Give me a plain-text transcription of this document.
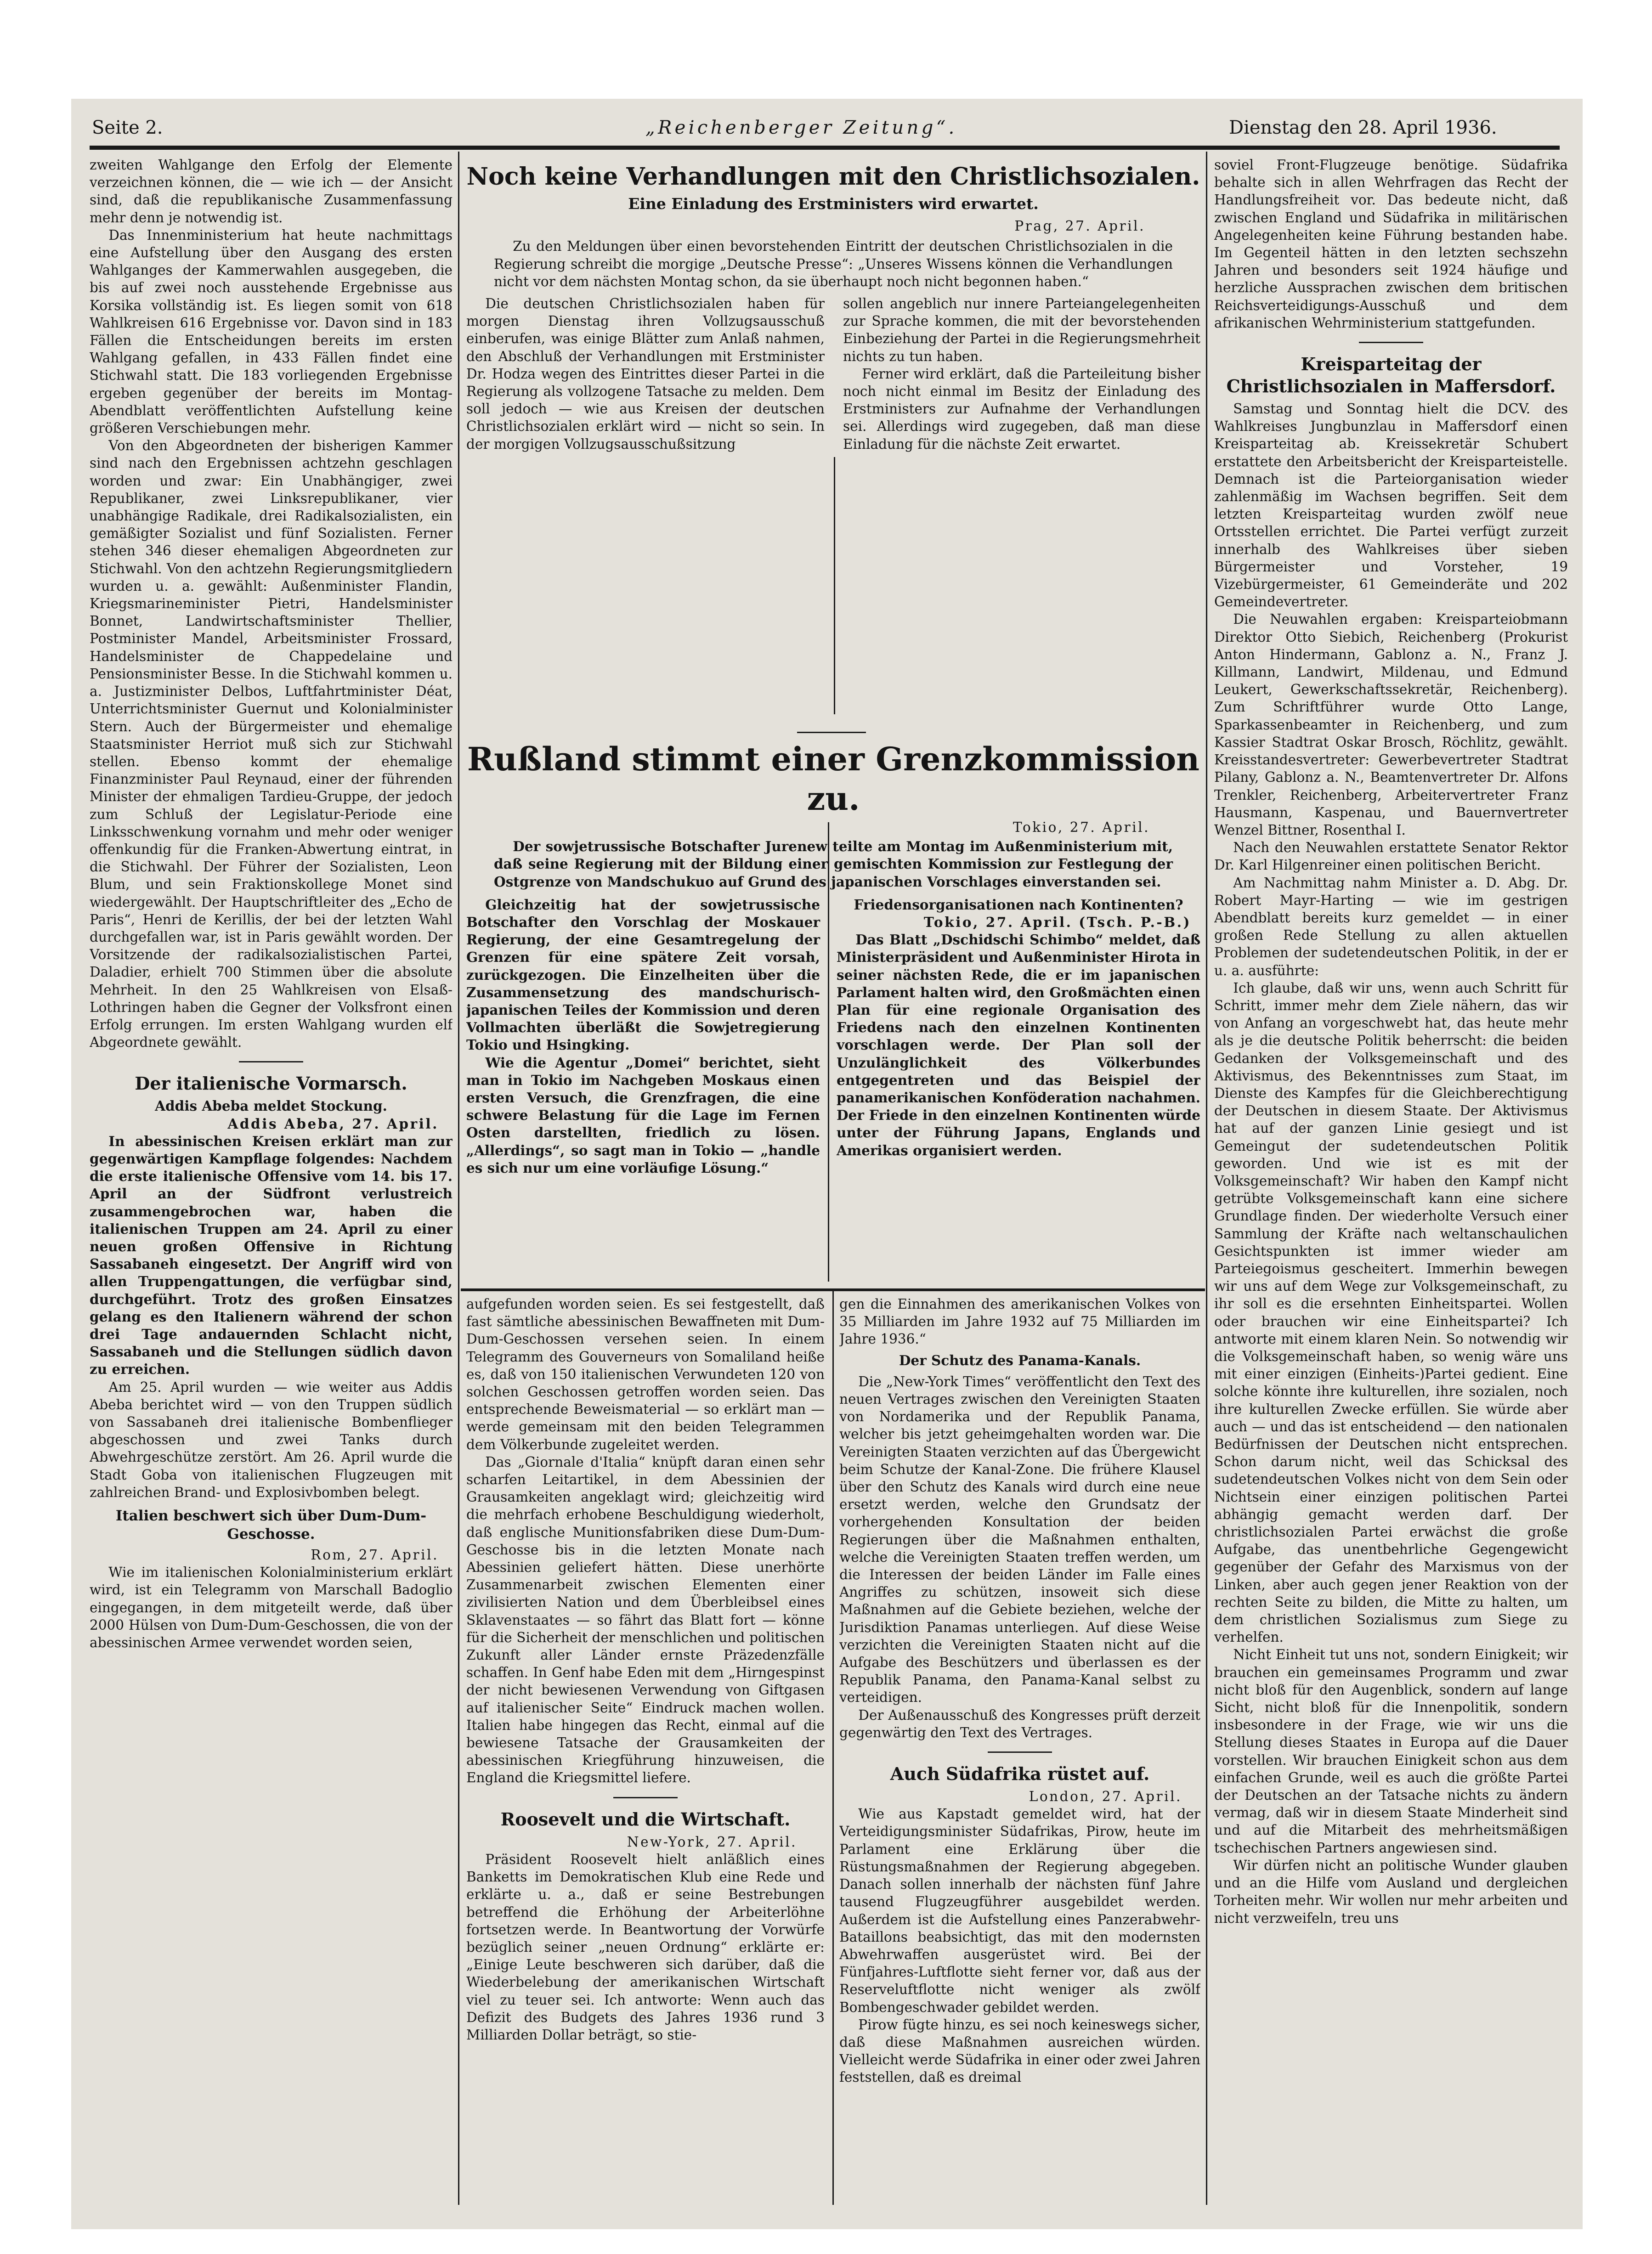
Seite 2.	„Reichenberger Zeitung“.	Dienstag den 28. April 1936.

zweiten Wahlgange den Erfolg der Elemente verzeichnen können, die — wie ich — der Ansicht sind, daß die republikanische Zusammenfassung mehr denn je notwendig ist.

Das Innenministerium hat heute nachmittags eine Aufstellung über den Ausgang des ersten Wahlganges der Kammerwahlen ausgegeben, die bis auf zwei noch ausstehende Ergebnisse aus Korsika vollständig ist. Es liegen somit von 618 Wahlkreisen 616 Ergebnisse vor. Davon sind in 183 Fällen die Entscheidungen bereits im ersten Wahlgang gefallen, in 433 Fällen findet eine Stichwahl statt. Die 183 vorliegenden Ergebnisse ergeben gegenüber der bereits im Montag-Abendblatt veröffentlichten Aufstellung keine größeren Verschiebungen mehr.

Von den Abgeordneten der bisherigen Kammer sind nach den Ergebnissen achtzehn geschlagen worden und zwar: Ein Unabhängiger, zwei Republikaner, zwei Linksrepublikaner, vier unabhängige Radikale, drei Radikalsozialisten, ein gemäßigter Sozialist und fünf Sozialisten. Ferner stehen 346 dieser ehemaligen Abgeordneten zur Stichwahl. Von den achtzehn Regierungsmitgliedern wurden u. a. gewählt: Außenminister Flandin, Kriegsmarineminister Pietri, Handelsminister Bonnet, Landwirtschaftsminister Thellier, Postminister Mandel, Arbeitsminister Frossard, Handelsminister de Chappedelaine und Pensionsminister Besse. In die Stichwahl kommen u. a. Justizminister Delbos, Luftfahrtminister Déat, Unterrichtsminister Guernut und Kolonialminister Stern. Auch der Bürgermeister und ehemalige Staatsminister Herriot muß sich zur Stichwahl stellen. Ebenso kommt der ehemalige Finanzminister Paul Reynaud, einer der führenden Minister der ehmaligen Tardieu-Gruppe, der jedoch zum Schluß der Legislatur-Periode eine Linksschwenkung vornahm und mehr oder weniger offenkundig für die Franken-Abwertung eintrat, in die Stichwahl. Der Führer der Sozialisten, Leon Blum, und sein Fraktionskollege Monet sind wiedergewählt. Der Hauptschriftleiter des „Echo de Paris“, Henri de Kerillis, der bei der letzten Wahl durchgefallen war, ist in Paris gewählt worden. Der Vorsitzende der radikalsozialistischen Partei, Daladier, erhielt 700 Stimmen über die absolute Mehrheit. In den 25 Wahlkreisen von Elsaß-Lothringen haben die Gegner der Volksfront einen Erfolg errungen. Im ersten Wahlgang wurden elf Abgeordnete gewählt.

Der italienische Vormarsch.
Addis Abeba meldet Stockung.
Addis Abeba, 27. April.

In abessinischen Kreisen erklärt man zur gegenwärtigen Kampflage folgendes: Nachdem die erste italienische Offensive vom 14. bis 17. April an der Südfront verlustreich zusammengebrochen war, haben die italienischen Truppen am 24. April zu einer neuen großen Offensive in Richtung Sassabaneh eingesetzt. Der Angriff wird von allen Truppengattungen, die verfügbar sind, durchgeführt. Trotz des großen Einsatzes gelang es den Italienern während der schon drei Tage andauernden Schlacht nicht, Sassabaneh und die Stellungen südlich davon zu erreichen.

Am 25. April wurden — wie weiter aus Addis Abeba berichtet wird — von den Truppen südlich von Sassabaneh drei italienische Bombenflieger abgeschossen und zwei Tanks durch Abwehrgeschütze zerstört. Am 26. April wurde die Stadt Goba von italienischen Flugzeugen mit zahlreichen Brand- und Explosivbomben belegt.

Italien beschwert sich über Dum-Dum-Geschosse.
Rom, 27. April.

Wie im italienischen Kolonialministerium erklärt wird, ist ein Telegramm von Marschall Badoglio eingegangen, in dem mitgeteilt werde, daß über 2000 Hülsen von Dum-Dum-Geschossen, die von der abessinischen Armee verwendet worden seien,

Noch keine Verhandlungen mit den Christlichsozialen.
Eine Einladung des Erstministers wird erwartet.
Prag, 27. April.

Zu den Meldungen über einen bevorstehenden Eintritt der deutschen Christlichsozialen in die Regierung schreibt die morgige „Deutsche Presse“: „Unseres Wissens können die Verhandlungen nicht vor dem nächsten Montag schon, da sie überhaupt noch nicht begonnen haben.“

Die deutschen Christlichsozialen haben für morgen Dienstag ihren Vollzugsausschuß einberufen, was einige Blätter zum Anlaß nahmen, den Abschluß der Verhandlungen mit Erstminister Dr. Hodza wegen des Eintrittes dieser Partei in die Regierung als vollzogene Tatsache zu melden. Dem soll jedoch — wie aus Kreisen der deutschen Christlichsozialen erklärt wird — nicht so sein. In der morgigen Vollzugsausschußsitzung

sollen angeblich nur innere Parteiangelegenheiten zur Sprache kommen, die mit der bevorstehenden Einbeziehung der Partei in die Regierungsmehrheit nichts zu tun haben.

Ferner wird erklärt, daß die Parteileitung bisher noch nicht einmal im Besitz der Einladung des Erstministers zur Aufnahme der Verhandlungen sei. Allerdings wird zugegeben, daß man diese Einladung für die nächste Zeit erwartet.

Rußland stimmt einer Grenzkommission zu.
Tokio, 27. April.

Der sowjetrussische Botschafter Jurenew teilte am Montag im Außenministerium mit, daß seine Regierung mit der Bildung einer gemischten Kommission zur Festlegung der Ostgrenze von Mandschukuo auf Grund des japanischen Vorschlages einverstanden sei.

Gleichzeitig hat der sowjetrussische Botschafter den Vorschlag der Moskauer Regierung, der eine Gesamtregelung der Grenzen für eine spätere Zeit vorsah, zurückgezogen. Die Einzelheiten über die Zusammensetzung des mandschurisch-japanischen Teiles der Kommission und deren Vollmachten überläßt die Sowjetregierung Tokio und Hsingking.

Wie die Agentur „Domei“ berichtet, sieht man in Tokio im Nachgeben Moskaus einen ersten Versuch, die Grenzfragen, die eine schwere Belastung für die Lage im Fernen Osten darstellten, friedlich zu lösen. „Allerdings“, so sagt man in Tokio — „handle es sich nur um eine vorläufige Lösung.“

Friedensorganisationen nach Kontinenten?
Tokio, 27. April. (Tsch. P.-B.)

Das Blatt „Dschidschi Schimbo“ meldet, daß Ministerpräsident und Außenminister Hirota in seiner nächsten Rede, die er im japanischen Parlament halten wird, den Großmächten einen Plan für eine regionale Organisation des Friedens nach den einzelnen Kontinenten vorschlagen werde. Der Plan soll der Unzulänglichkeit des Völkerbundes entgegentreten und das Beispiel der panamerikanischen Konföderation nachahmen. Der Friede in den einzelnen Kontinenten würde unter der Führung Japans, Englands und Amerikas organisiert werden.

aufgefunden worden seien. Es sei festgestellt, daß fast sämtliche abessinischen Bewaffneten mit Dum-Dum-Geschossen versehen seien. In einem Telegramm des Gouverneurs von Somaliland heiße es, daß von 150 italienischen Verwundeten 120 von solchen Geschossen getroffen worden seien. Das entsprechende Beweismaterial — so erklärt man — werde gemeinsam mit den beiden Telegrammen dem Völkerbunde zugeleitet werden.

Das „Giornale d'Italia“ knüpft daran einen sehr scharfen Leitartikel, in dem Abessinien der Grausamkeiten angeklagt wird; gleichzeitig wird die mehrfach erhobene Beschuldigung wiederholt, daß englische Munitionsfabriken diese Dum-Dum-Geschosse bis in die letzten Monate nach Abessinien geliefert hätten. Diese unerhörte Zusammenarbeit zwischen Elementen einer zivilisierten Nation und dem Überbleibsel eines Sklavenstaates — so fährt das Blatt fort — könne für die Sicherheit der menschlichen und politischen Zukunft aller Länder ernste Präzedenzfälle schaffen. In Genf habe Eden mit dem „Hirngespinst der nicht bewiesenen Verwendung von Giftgasen auf italienischer Seite“ Eindruck machen wollen. Italien habe hingegen das Recht, einmal auf die bewiesene Tatsache der Grausamkeiten der abessinischen Kriegführung hinzuweisen, die England die Kriegsmittel liefere.

Roosevelt und die Wirtschaft.
New-York, 27. April.

Präsident Roosevelt hielt anläßlich eines Banketts im Demokratischen Klub eine Rede und erklärte u. a., daß er seine Bestrebungen betreffend die Erhöhung der Arbeiterlöhne fortsetzen werde. In Beantwortung der Vorwürfe bezüglich seiner „neuen Ordnung“ erklärte er: „Einige Leute beschweren sich darüber, daß die Wiederbelebung der amerikanischen Wirtschaft viel zu teuer sei. Ich antworte: Wenn auch das Defizit des Budgets des Jahres 1936 rund 3 Milliarden Dollar beträgt, so stie-

gen die Einnahmen des amerikanischen Volkes von 35 Milliarden im Jahre 1932 auf 75 Milliarden im Jahre 1936.“

Der Schutz des Panama-Kanals.

Die „New-York Times“ veröffentlicht den Text des neuen Vertrages zwischen den Vereinigten Staaten von Nordamerika und der Republik Panama, welcher bis jetzt geheimgehalten worden war. Die Vereinigten Staaten verzichten auf das Übergewicht beim Schutze der Kanal-Zone. Die frühere Klausel über den Schutz des Kanals wird durch eine neue ersetzt werden, welche den Grundsatz der vorhergehenden Konsultation der beiden Regierungen über die Maßnahmen enthalten, welche die Vereinigten Staaten treffen werden, um die Interessen der beiden Länder im Falle eines Angriffes zu schützen, insoweit sich diese Maßnahmen auf die Gebiete beziehen, welche der Jurisdiktion Panamas unterliegen. Auf diese Weise verzichten die Vereinigten Staaten nicht auf die Aufgabe des Beschützers und überlassen es der Republik Panama, den Panama-Kanal selbst zu verteidigen.

Der Außenausschuß des Kongresses prüft derzeit gegenwärtig den Text des Vertrages.

Auch Südafrika rüstet auf.
London, 27. April.

Wie aus Kapstadt gemeldet wird, hat der Verteidigungsminister Südafrikas, Pirow, heute im Parlament eine Erklärung über die Rüstungsmaßnahmen der Regierung abgegeben. Danach sollen innerhalb der nächsten fünf Jahre tausend Flugzeugführer ausgebildet werden. Außerdem ist die Aufstellung eines Panzerabwehr-Bataillons beabsichtigt, das mit den modernsten Abwehrwaffen ausgerüstet wird. Bei der Fünfjahres-Luftflotte sieht ferner vor, daß aus der Reserveluftflotte nicht weniger als zwölf Bombengeschwader gebildet werden.

Pirow fügte hinzu, es sei noch keineswegs sicher, daß diese Maßnahmen ausreichen würden. Vielleicht werde Südafrika in einer oder zwei Jahren feststellen, daß es dreimal

soviel Front-Flugzeuge benötige. Südafrika behalte sich in allen Wehrfragen das Recht der Handlungsfreiheit vor. Das bedeute nicht, daß zwischen England und Südafrika in militärischen Angelegenheiten keine Führung bestanden habe. Im Gegenteil hätten in den letzten sechszehn Jahren und besonders seit 1924 häufige und herzliche Aussprachen zwischen dem britischen Reichsverteidigungs-Ausschuß und dem afrikanischen Wehrministerium stattgefunden.

Kreisparteitag der Christlichsozialen in Maffersdorf.

Samstag und Sonntag hielt die DCV. des Wahlkreises Jungbunzlau in Maffersdorf einen Kreisparteitag ab. Kreissekretär Schubert erstattete den Arbeitsbericht der Kreisparteistelle. Demnach ist die Parteiorganisation wieder zahlenmäßig im Wachsen begriffen. Seit dem letzten Kreisparteitag wurden zwölf neue Ortsstellen errichtet. Die Partei verfügt zurzeit innerhalb des Wahlkreises über sieben Bürgermeister und Vorsteher, 19 Vizebürgermeister, 61 Gemeinderäte und 202 Gemeindevertreter.

Die Neuwahlen ergaben: Kreisparteiobmann Direktor Otto Siebich, Reichenberg (Prokurist Anton Hindermann, Gablonz a. N., Franz J. Killmann, Landwirt, Mildenau, und Edmund Leukert, Gewerkschaftssekretär, Reichenberg). Zum Schriftführer wurde Otto Lange, Sparkassenbeamter in Reichenberg, und zum Kassier Stadtrat Oskar Brosch, Röchlitz, gewählt. Kreisstandesvertreter: Gewerbevertreter Stadtrat Pilany, Gablonz a. N., Beamtenvertreter Dr. Alfons Trenkler, Reichenberg, Arbeitervertreter Franz Hausmann, Kaspenau, und Bauernvertreter Wenzel Bittner, Rosenthal I.

Nach den Neuwahlen erstattete Senator Rektor Dr. Karl Hilgenreiner einen politischen Bericht.

Am Nachmittag nahm Minister a. D. Abg. Dr. Robert Mayr-Harting — wie im gestrigen Abendblatt bereits kurz gemeldet — in einer großen Rede Stellung zu allen aktuellen Problemen der sudetendeutschen Politik, in der er u. a. ausführte:

Ich glaube, daß wir uns, wenn auch Schritt für Schritt, immer mehr dem Ziele nähern, das wir von Anfang an vorgeschwebt hat, das heute mehr als je die deutsche Politik beherrscht: die beiden Gedanken der Volksgemeinschaft und des Aktivismus, des Bekenntnisses zum Staat, im Dienste des Kampfes für die Gleichberechtigung der Deutschen in diesem Staate. Der Aktivismus hat auf der ganzen Linie gesiegt und ist Gemeingut der sudetendeutschen Politik geworden. Und wie ist es mit der Volksgemeinschaft? Wir haben den Kampf nicht getrübte Volksgemeinschaft kann eine sichere Grundlage finden. Der wiederholte Versuch einer Sammlung der Kräfte nach weltanschaulichen Gesichtspunkten ist immer wieder am Parteiegoismus gescheitert. Immerhin bewegen wir uns auf dem Wege zur Volksgemeinschaft, zu ihr soll es die ersehnten Einheitspartei. Wollen oder brauchen wir eine Einheitspartei? Ich antworte mit einem klaren Nein. So notwendig wir die Volksgemeinschaft haben, so wenig wäre uns mit einer einzigen (Einheits-)Partei gedient. Eine solche könnte ihre kulturellen, ihre sozialen, noch ihre kulturellen Zwecke erfüllen. Sie würde aber auch — und das ist entscheidend — den nationalen Bedürfnissen der Deutschen nicht entsprechen. Schon darum nicht, weil das Schicksal des sudetendeutschen Volkes nicht von dem Sein oder Nichtsein einer einzigen politischen Partei abhängig gemacht werden darf. Der christlichsozialen Partei erwächst die große Aufgabe, das unentbehrliche Gegengewicht gegenüber der Gefahr des Marxismus von der Linken, aber auch gegen jener Reaktion von der rechten Seite zu bilden, die Mitte zu halten, um dem christlichen Sozialismus zum Siege zu verhelfen.

Nicht Einheit tut uns not, sondern Einigkeit; wir brauchen ein gemeinsames Programm und zwar nicht bloß für den Augenblick, sondern auf lange Sicht, nicht bloß für die Innenpolitik, sondern insbesondere in der Frage, wie wir uns die Stellung dieses Staates in Europa auf die Dauer vorstellen. Wir brauchen Einigkeit schon aus dem einfachen Grunde, weil es auch die größte Partei der Deutschen an der Tatsache nichts zu ändern vermag, daß wir in diesem Staate Minderheit sind und auf die Mitarbeit des mehrheitsmäßigen tschechischen Partners angewiesen sind.

Wir dürfen nicht an politische Wunder glauben und an die Hilfe vom Ausland und dergleichen Torheiten mehr. Wir wollen nur mehr arbeiten und nicht verzweifeln, treu uns
